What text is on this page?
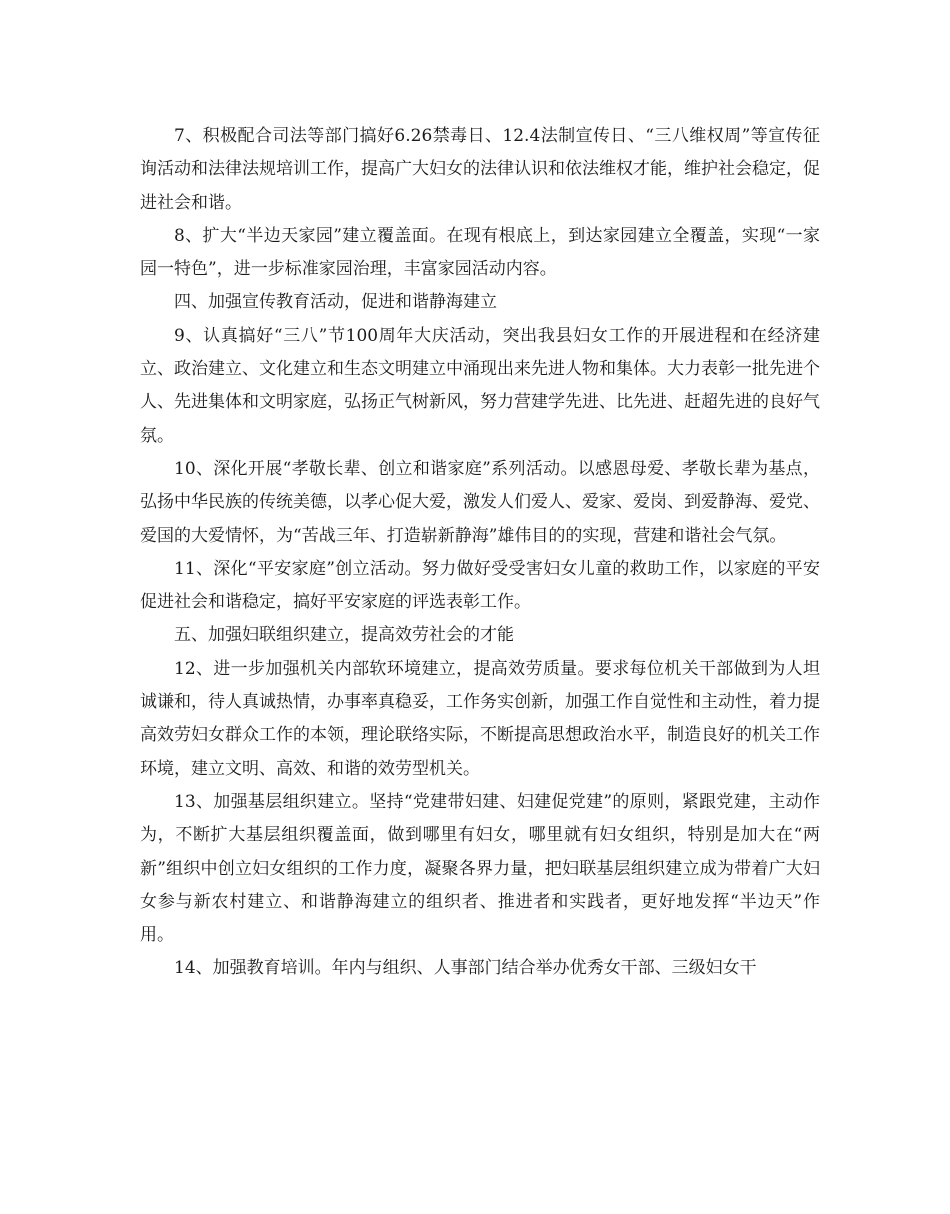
7、积极配合司法等部门搞好6.26禁毒日、12.4法制宣传日、“三八维权周”等宣传征询活动和法律法规培训工作，提高广大妇女的法律认识和依法维权才能，维护社会稳定，促进社会和谐。

8、扩大“半边天家园”建立覆盖面。在现有根底上，到达家园建立全覆盖，实现“一家园一特色”，进一步标准家园治理，丰富家园活动内容。

四、加强宣传教育活动，促进和谐静海建立

9、认真搞好“三八”节100周年大庆活动，突出我县妇女工作的开展进程和在经济建立、政治建立、文化建立和生态文明建立中涌现出来先进人物和集体。大力表彰一批先进个人、先进集体和文明家庭，弘扬正气树新风，努力营建学先进、比先进、赶超先进的良好气氛。

10、深化开展“孝敬长辈、创立和谐家庭”系列活动。以感恩母爱、孝敬长辈为基点，弘扬中华民族的传统美德，以孝心促大爱，激发人们爱人、爱家、爱岗、到爱静海、爱党、爱国的大爱情怀，为“苦战三年、打造崭新静海”雄伟目的的实现，营建和谐社会气氛。

11、深化“平安家庭”创立活动。努力做好受受害妇女儿童的救助工作，以家庭的平安促进社会和谐稳定，搞好平安家庭的评选表彰工作。

五、加强妇联组织建立，提高效劳社会的才能

12、进一步加强机关内部软环境建立，提高效劳质量。要求每位机关干部做到为人坦诚谦和，待人真诚热情，办事率真稳妥，工作务实创新，加强工作自觉性和主动性，着力提高效劳妇女群众工作的本领，理论联络实际，不断提高思想政治水平，制造良好的机关工作环境，建立文明、高效、和谐的效劳型机关。

13、加强基层组织建立。坚持“党建带妇建、妇建促党建”的原则，紧跟党建，主动作为，不断扩大基层组织覆盖面，做到哪里有妇女，哪里就有妇女组织，特别是加大在“两新”组织中创立妇女组织的工作力度，凝聚各界力量，把妇联基层组织建立成为带着广大妇女参与新农村建立、和谐静海建立的组织者、推进者和实践者，更好地发挥“半边天”作用。

14、加强教育培训。年内与组织、人事部门结合举办优秀女干部、三级妇女干
